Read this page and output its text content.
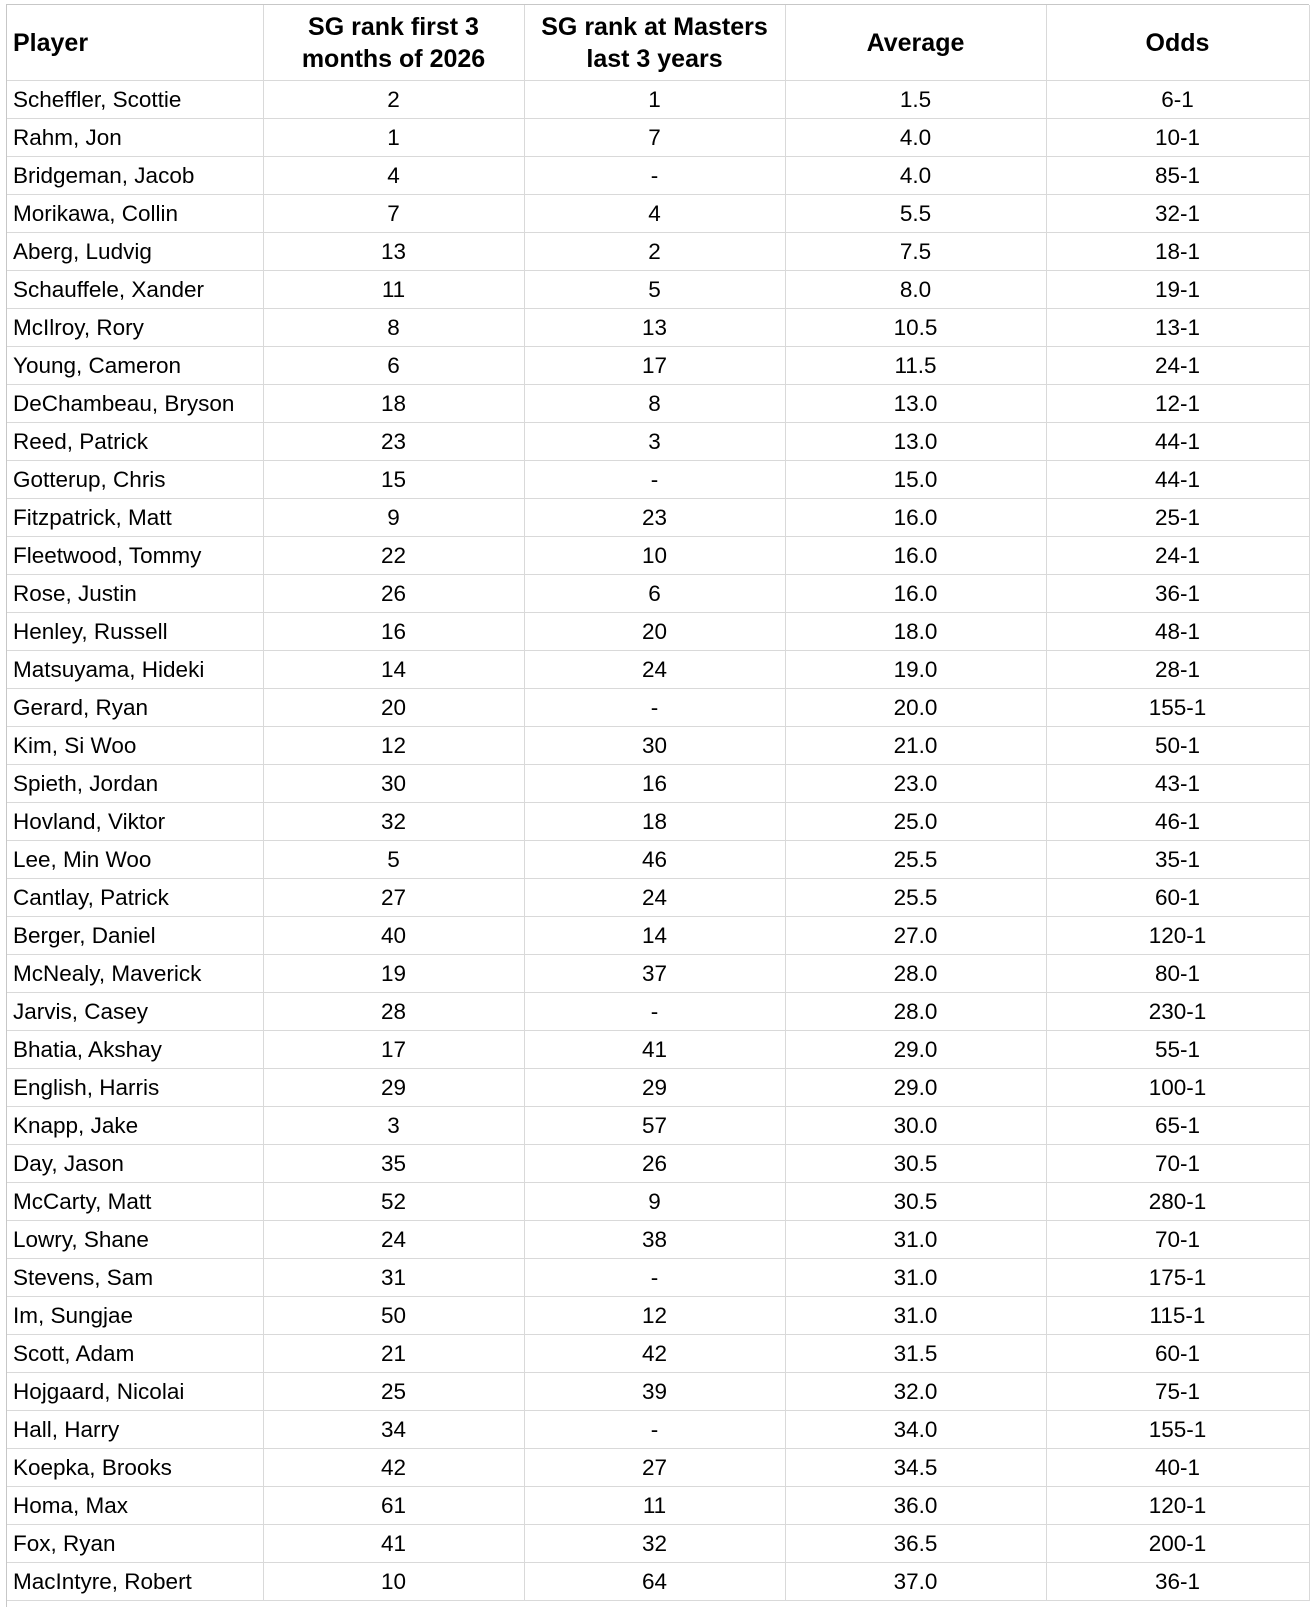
Player	SG rank first 3 months of 2026	SG rank at Masters last 3 years	Average	Odds
Scheffler, Scottie	2	1	1.5	6-1
Rahm, Jon	1	7	4.0	10-1
Bridgeman, Jacob	4	-	4.0	85-1
Morikawa, Collin	7	4	5.5	32-1
Aberg, Ludvig	13	2	7.5	18-1
Schauffele, Xander	11	5	8.0	19-1
McIlroy, Rory	8	13	10.5	13-1
Young, Cameron	6	17	11.5	24-1
DeChambeau, Bryson	18	8	13.0	12-1
Reed, Patrick	23	3	13.0	44-1
Gotterup, Chris	15	-	15.0	44-1
Fitzpatrick, Matt	9	23	16.0	25-1
Fleetwood, Tommy	22	10	16.0	24-1
Rose, Justin	26	6	16.0	36-1
Henley, Russell	16	20	18.0	48-1
Matsuyama, Hideki	14	24	19.0	28-1
Gerard, Ryan	20	-	20.0	155-1
Kim, Si Woo	12	30	21.0	50-1
Spieth, Jordan	30	16	23.0	43-1
Hovland, Viktor	32	18	25.0	46-1
Lee, Min Woo	5	46	25.5	35-1
Cantlay, Patrick	27	24	25.5	60-1
Berger, Daniel	40	14	27.0	120-1
McNealy, Maverick	19	37	28.0	80-1
Jarvis, Casey	28	-	28.0	230-1
Bhatia, Akshay	17	41	29.0	55-1
English, Harris	29	29	29.0	100-1
Knapp, Jake	3	57	30.0	65-1
Day, Jason	35	26	30.5	70-1
McCarty, Matt	52	9	30.5	280-1
Lowry, Shane	24	38	31.0	70-1
Stevens, Sam	31	-	31.0	175-1
Im, Sungjae	50	12	31.0	115-1
Scott, Adam	21	42	31.5	60-1
Hojgaard, Nicolai	25	39	32.0	75-1
Hall, Harry	34	-	34.0	155-1
Koepka, Brooks	42	27	34.5	40-1
Homa, Max	61	11	36.0	120-1
Fox, Ryan	41	32	36.5	200-1
MacIntyre, Robert	10	64	37.0	36-1
